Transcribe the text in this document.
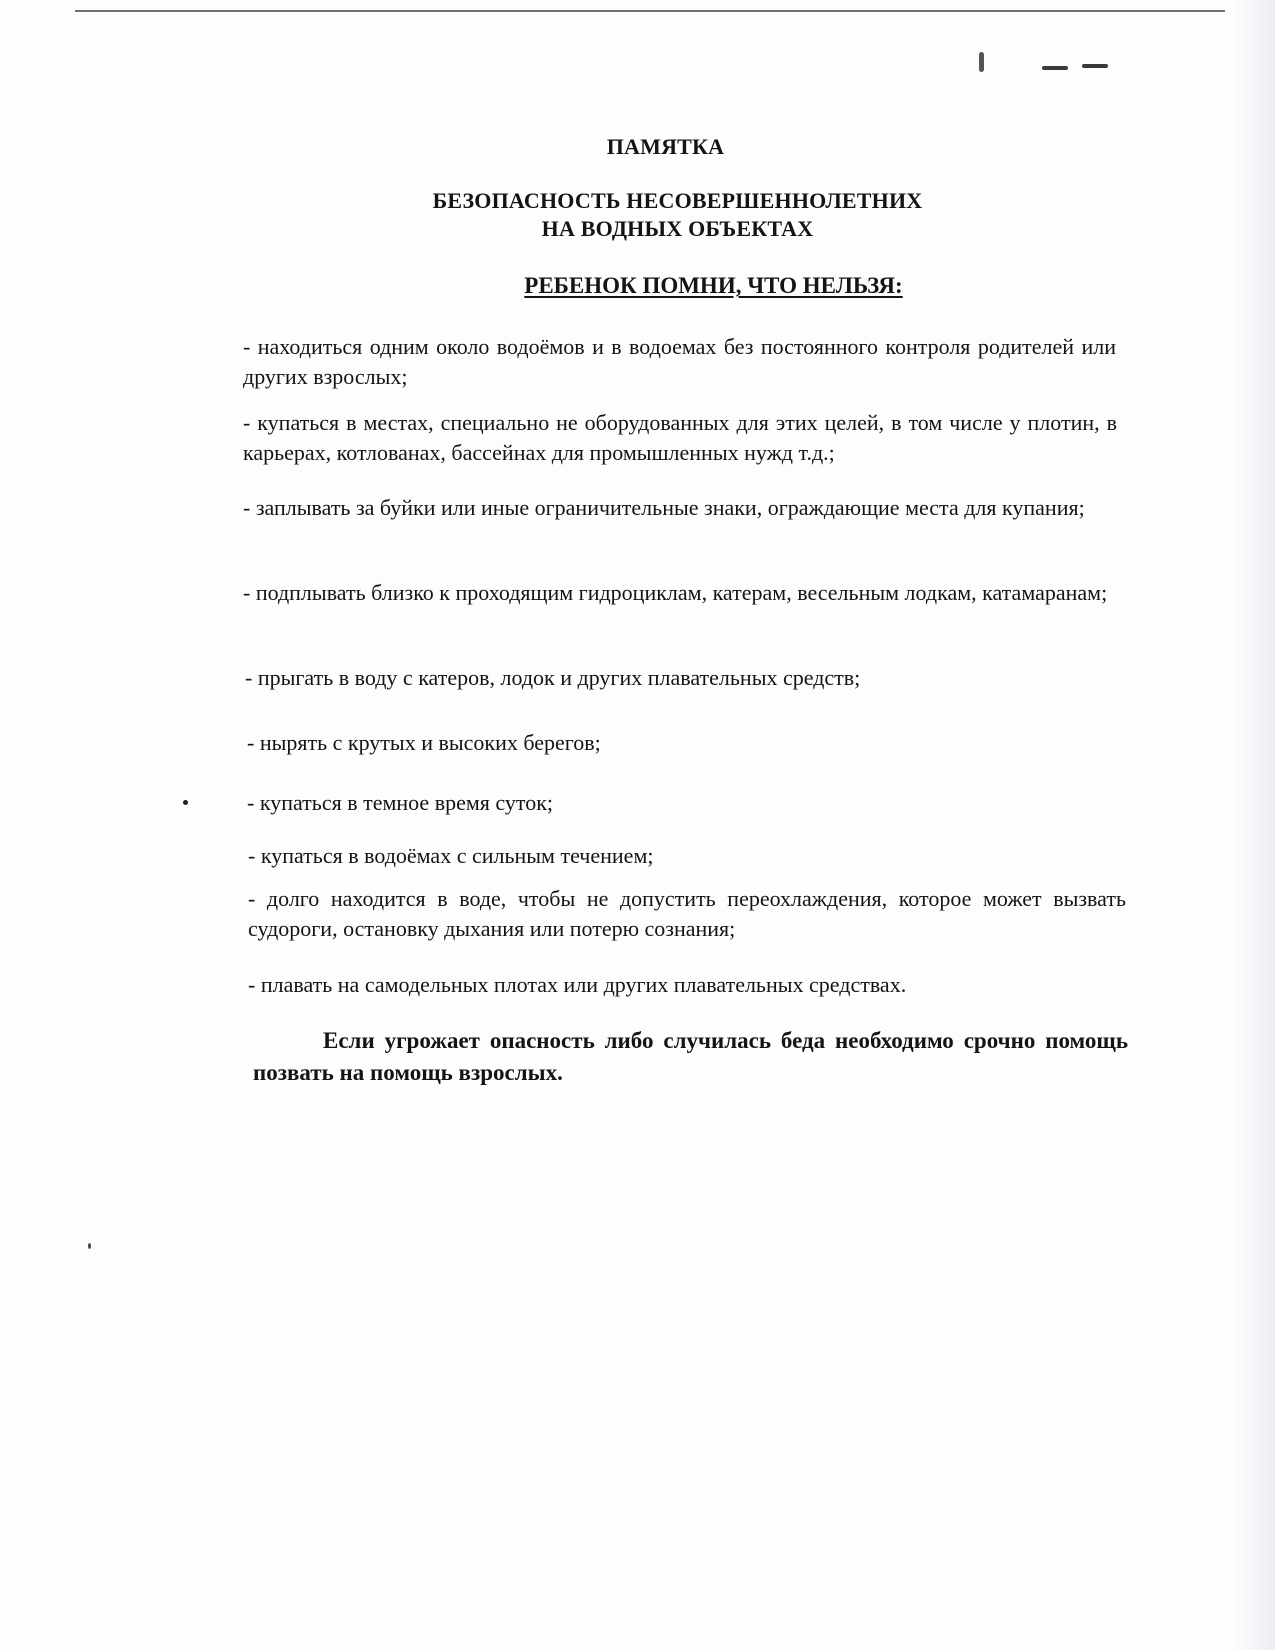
ПАМЯТКА
БЕЗОПАСНОСТЬ НЕСОВЕРШЕННОЛЕТНИХ
НА ВОДНЫХ ОБЪЕКТАХ
РЕБЕНОК ПОМНИ, ЧТО НЕЛЬЗЯ:

- находиться одним около водоёмов и в водоемах без постоянного контроля родителей или других взрослых;

- купаться в местах, специально не оборудованных для этих целей, в том числе у плотин, в карьерах, котлованах, бассейнах для промышленных нужд т.д.;

- заплывать за буйки или иные ограничительные знаки, ограждающие места для купания;

- подплывать близко к проходящим гидроциклам, катерам, весельным лодкам, катамаранам;

- прыгать в воду с катеров, лодок и других плавательных средств;

- нырять с крутых и высоких берегов;

- купаться в темное время суток;

- купаться в водоёмах с сильным течением;

- долго находится в воде, чтобы не допустить переохлаждения, которое может вызвать судороги, остановку дыхания или потерю сознания;

- плавать на самодельных плотах или других плавательных средствах.

Если угрожает опасность либо случилась беда необходимо срочно помощь позвать на помощь взрослых.
